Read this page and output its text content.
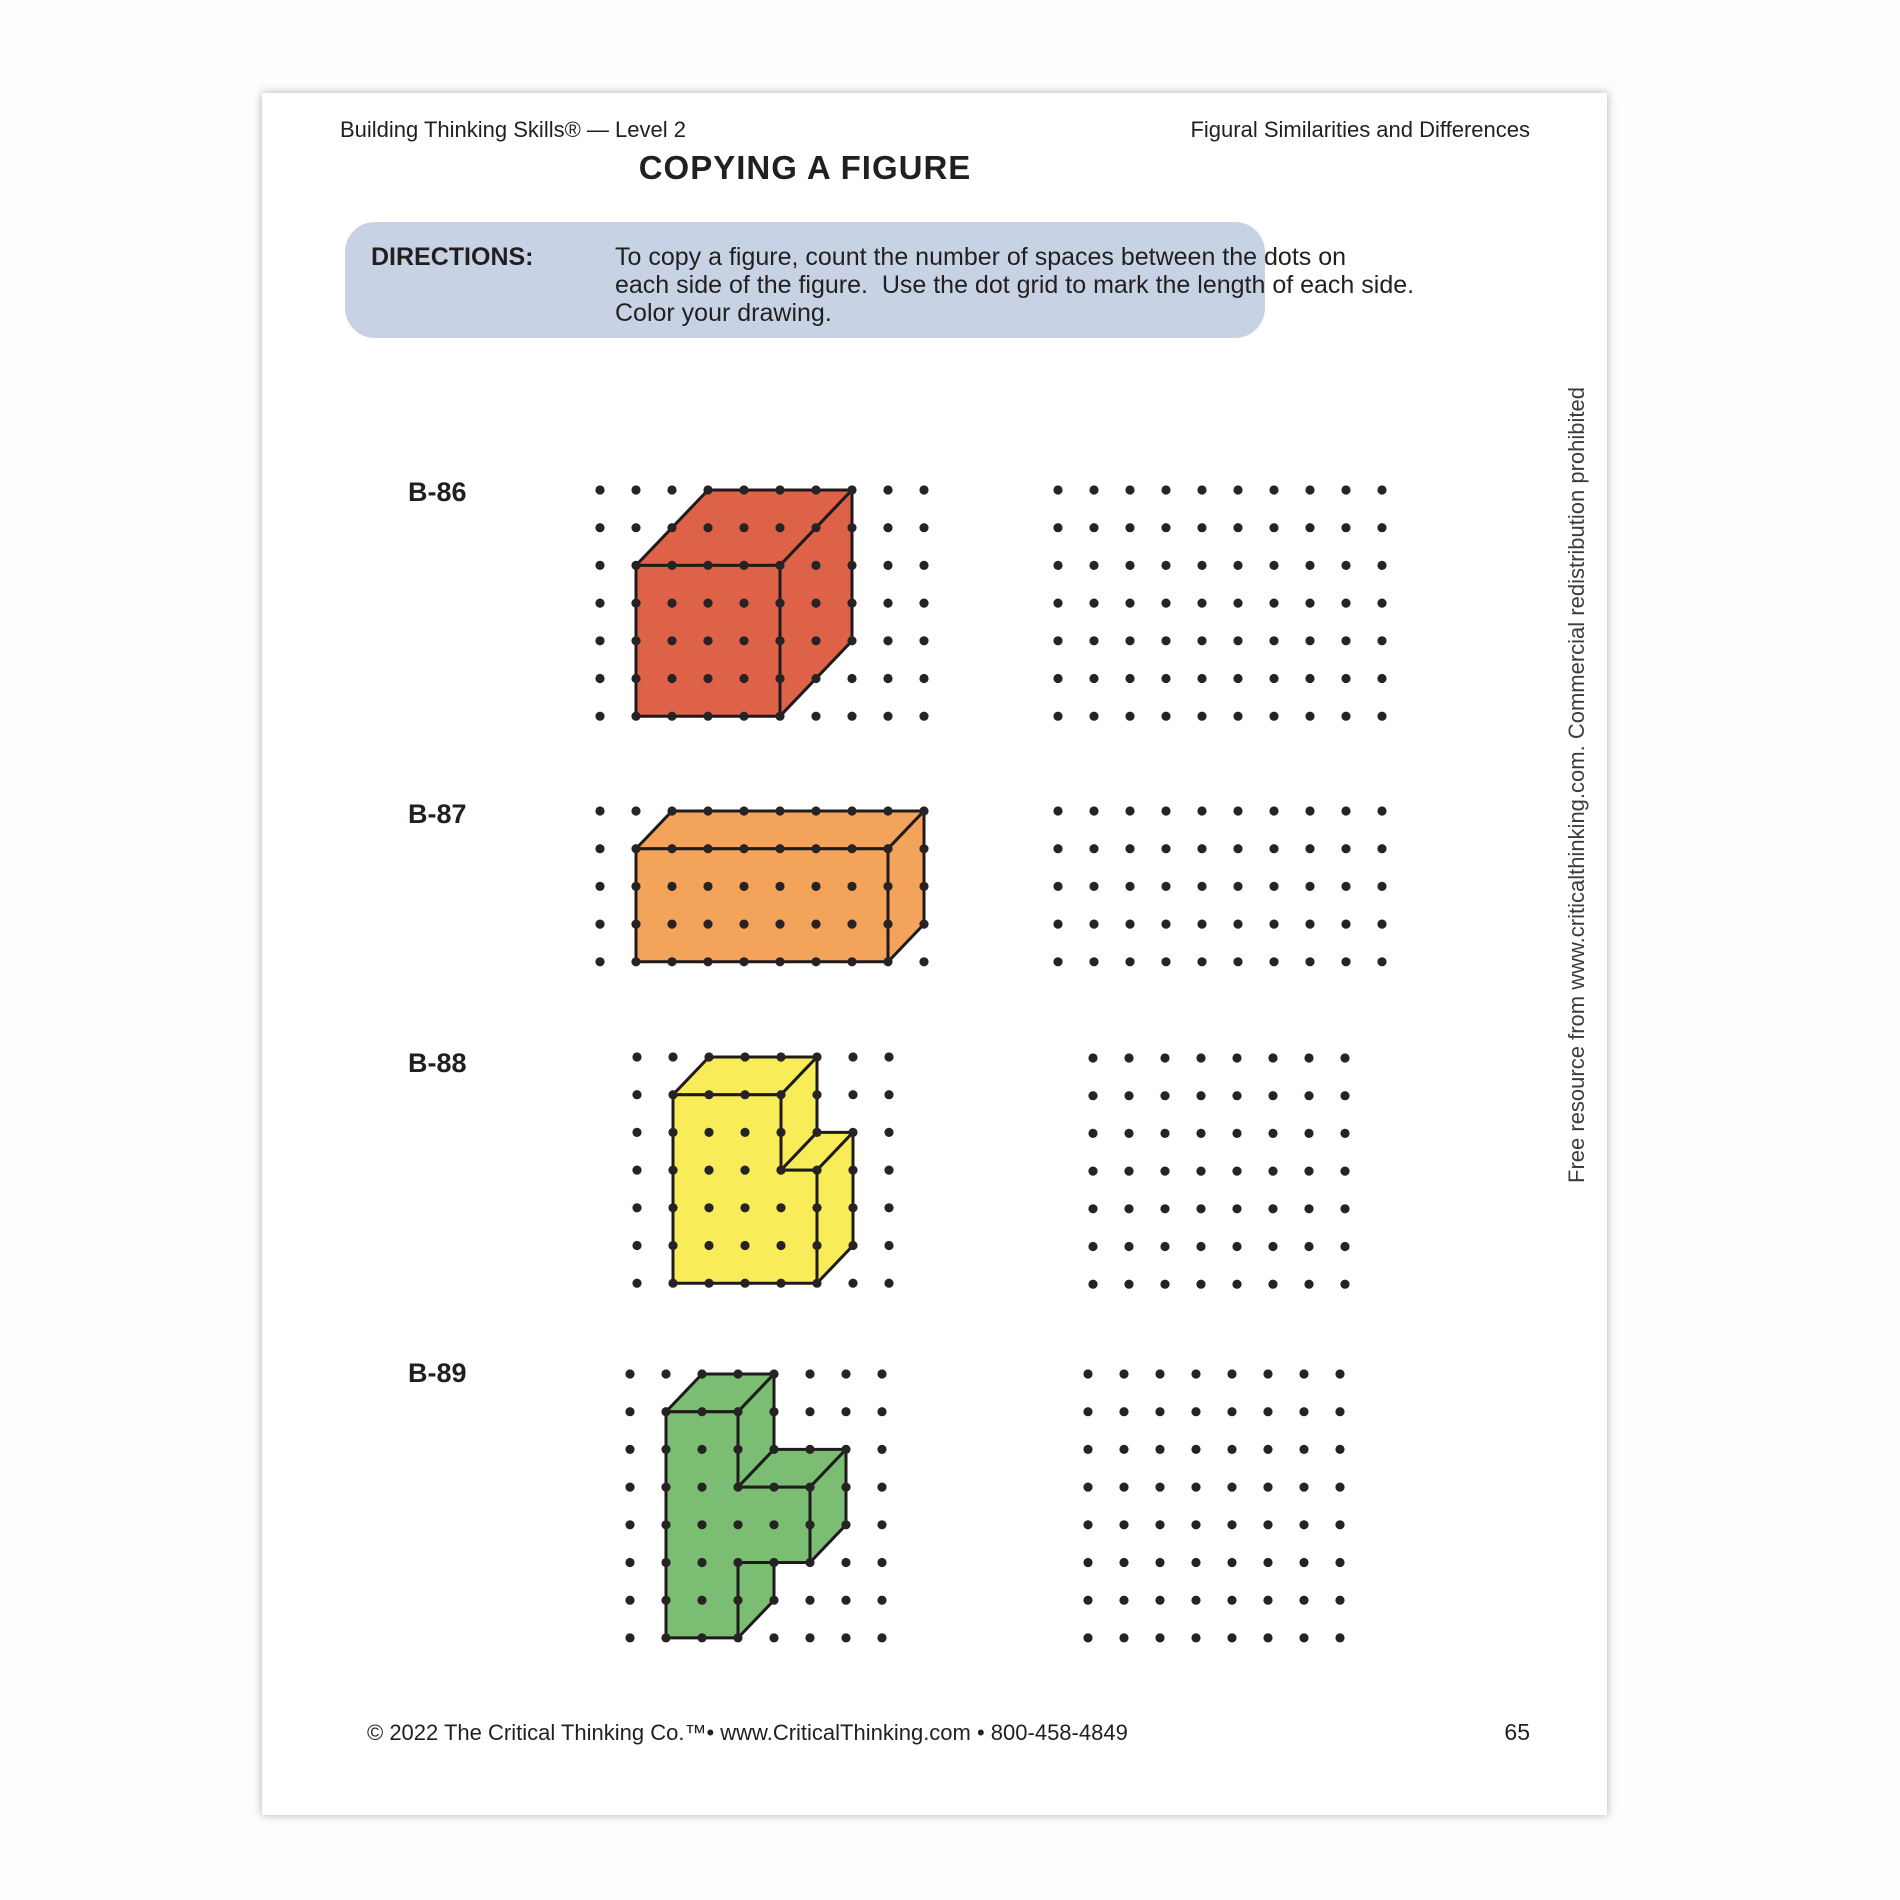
Building Thinking Skills® — Level 2	Figural Similarities and Differences
COPYING A FIGURE
DIRECTIONS:	To copy a figure, count the number of spaces between the dots on
each side of the figure.  Use the dot grid to mark the length of each side.
Color your drawing.
B-86
B-87
B-88
B-89
© 2022 The Critical Thinking Co.™• www.CriticalThinking.com • 800-458-4849	65
Free resource from www.criticalthinking.com. Commercial redistribution prohibited
